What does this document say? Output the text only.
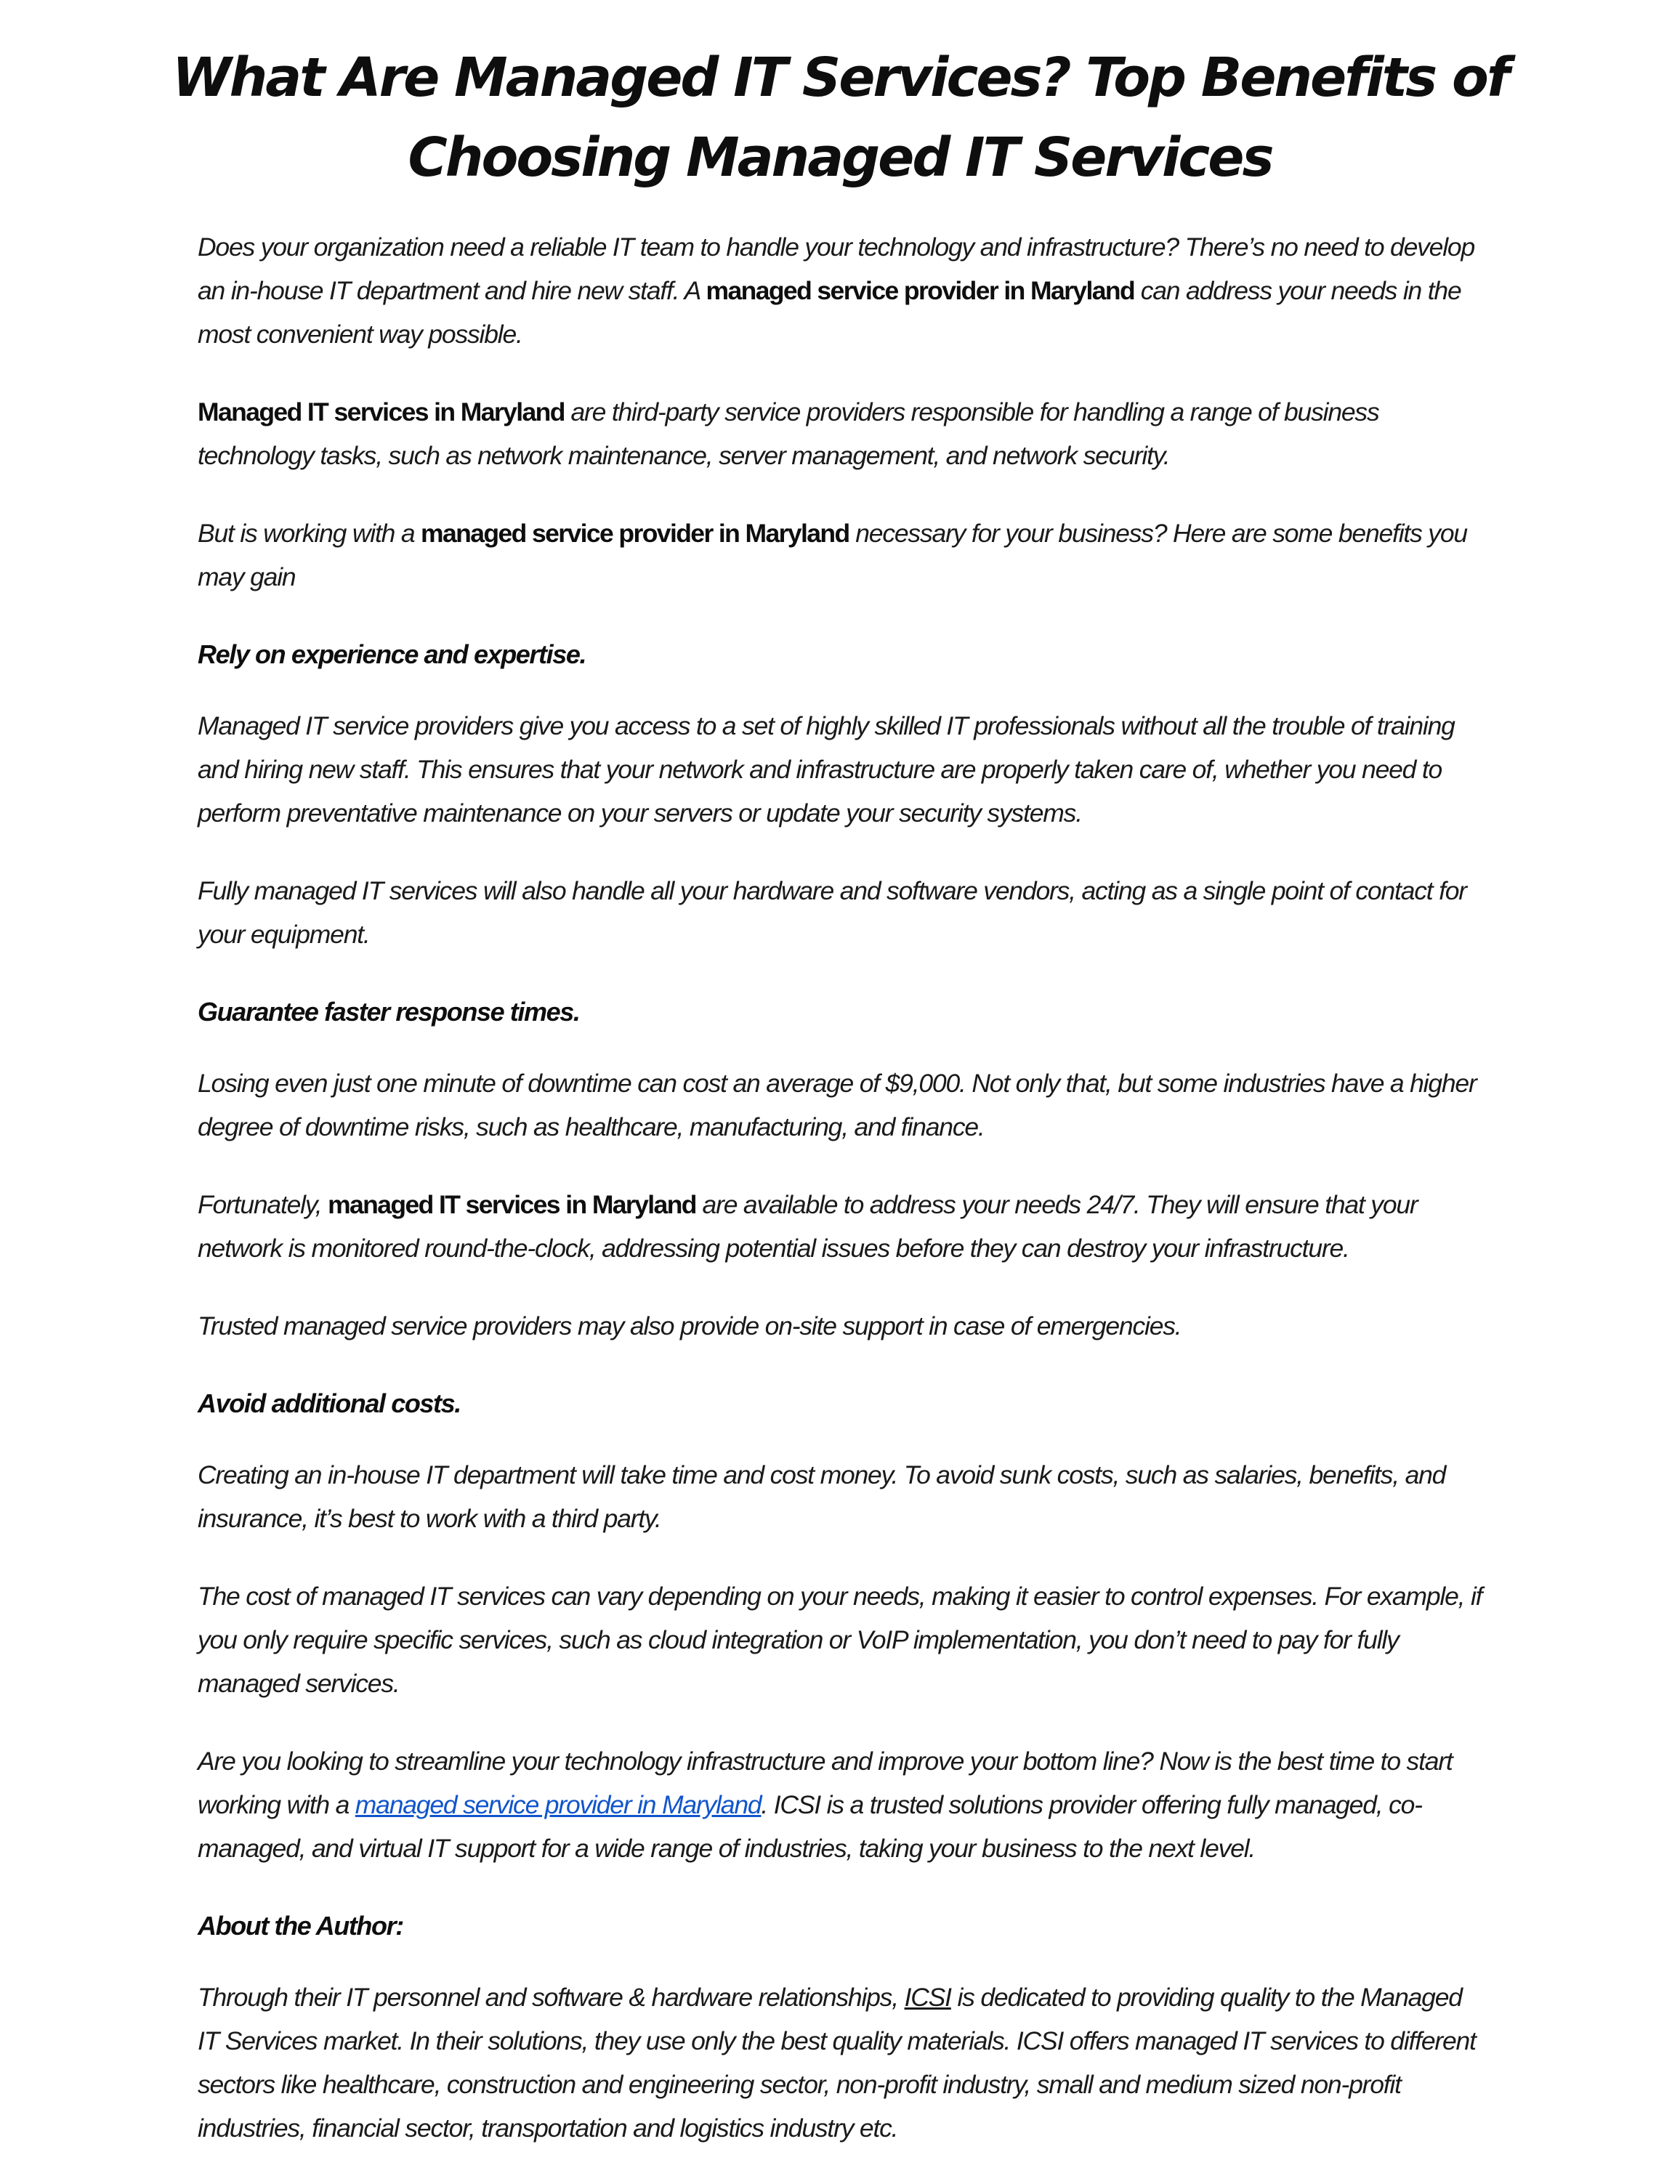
What Are Managed IT Services? Top Benefits of Choosing Managed IT Services

Does your organization need a reliable IT team to handle your technology and infrastructure? There’s no need to develop an in-house IT department and hire new staff. A managed service provider in Maryland can address your needs in the most convenient way possible.

Managed IT services in Maryland are third-party service providers responsible for handling a range of business technology tasks, such as network maintenance, server management, and network security.

But is working with a managed service provider in Maryland necessary for your business? Here are some benefits you may gain

Rely on experience and expertise.

Managed IT service providers give you access to a set of highly skilled IT professionals without all the trouble of training and hiring new staff. This ensures that your network and infrastructure are properly taken care of, whether you need to perform preventative maintenance on your servers or update your security systems.

Fully managed IT services will also handle all your hardware and software vendors, acting as a single point of contact for your equipment.

Guarantee faster response times.

Losing even just one minute of downtime can cost an average of $9,000. Not only that, but some industries have a higher degree of downtime risks, such as healthcare, manufacturing, and finance.

Fortunately, managed IT services in Maryland are available to address your needs 24/7. They will ensure that your network is monitored round-the-clock, addressing potential issues before they can destroy your infrastructure.

Trusted managed service providers may also provide on-site support in case of emergencies.

Avoid additional costs.

Creating an in-house IT department will take time and cost money. To avoid sunk costs, such as salaries, benefits, and insurance, it’s best to work with a third party.

The cost of managed IT services can vary depending on your needs, making it easier to control expenses. For example, if you only require specific services, such as cloud integration or VoIP implementation, you don’t need to pay for fully managed services.

Are you looking to streamline your technology infrastructure and improve your bottom line? Now is the best time to start working with a managed service provider in Maryland. ICSI is a trusted solutions provider offering fully managed, co-managed, and virtual IT support for a wide range of industries, taking your business to the next level.

About the Author:

Through their IT personnel and software & hardware relationships, ICSI is dedicated to providing quality to the Managed IT Services market. In their solutions, they use only the best quality materials. ICSI offers managed IT services to different sectors like healthcare, construction and engineering sector, non-profit industry, small and medium sized non-profit industries, financial sector, transportation and logistics industry etc.
